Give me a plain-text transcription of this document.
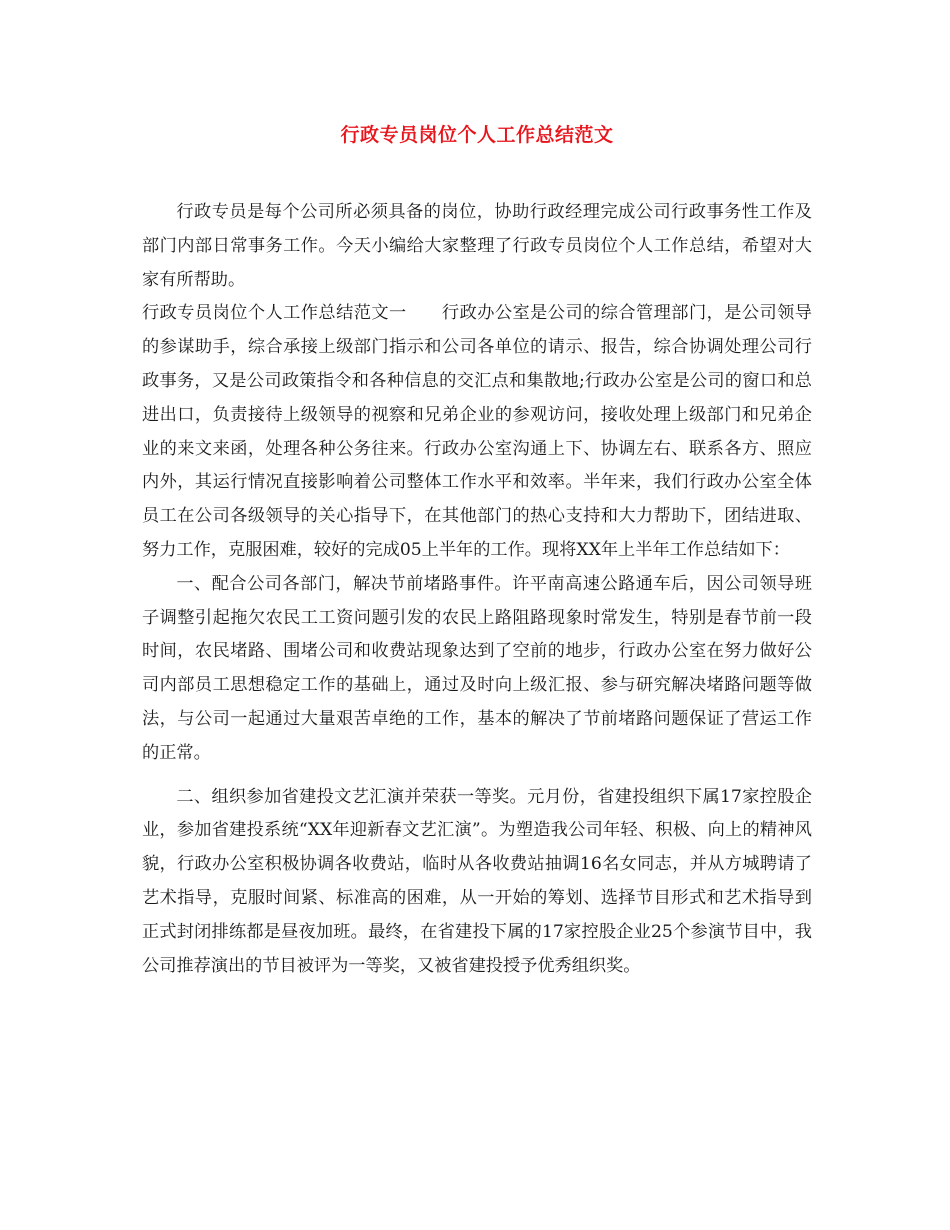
行政专员岗位个人工作总结范文

行政专员是每个公司所必须具备的岗位，协助行政经理完成公司行政事务性工作及部门内部日常事务工作。今天小编给大家整理了行政专员岗位个人工作总结，希望对大家有所帮助。

行政专员岗位个人工作总结范文一　　行政办公室是公司的综合管理部门，是公司领导的参谋助手，综合承接上级部门指示和公司各单位的请示、报告，综合协调处理公司行政事务，又是公司政策指令和各种信息的交汇点和集散地;行政办公室是公司的窗口和总进出口，负责接待上级领导的视察和兄弟企业的参观访问，接收处理上级部门和兄弟企业的来文来函，处理各种公务往来。行政办公室沟通上下、协调左右、联系各方、照应内外，其运行情况直接影响着公司整体工作水平和效率。半年来，我们行政办公室全体员工在公司各级领导的关心指导下，在其他部门的热心支持和大力帮助下，团结进取、努力工作，克服困难，较好的完成05上半年的工作。现将XX年上半年工作总结如下：

一、配合公司各部门，解决节前堵路事件。许平南高速公路通车后，因公司领导班子调整引起拖欠农民工工资问题引发的农民上路阻路现象时常发生，特别是春节前一段时间，农民堵路、围堵公司和收费站现象达到了空前的地步，行政办公室在努力做好公司内部员工思想稳定工作的基础上，通过及时向上级汇报、参与研究解决堵路问题等做法，与公司一起通过大量艰苦卓绝的工作，基本的解决了节前堵路问题保证了营运工作的正常。

二、组织参加省建投文艺汇演并荣获一等奖。元月份，省建投组织下属17家控股企业，参加省建投系统“XX年迎新春文艺汇演”。为塑造我公司年轻、积极、向上的精神风貌，行政办公室积极协调各收费站，临时从各收费站抽调16名女同志，并从方城聘请了艺术指导，克服时间紧、标准高的困难，从一开始的筹划、选择节目形式和艺术指导到正式封闭排练都是昼夜加班。最终，在省建投下属的17家控股企业25个参演节目中，我公司推荐演出的节目被评为一等奖，又被省建投授予优秀组织奖。
